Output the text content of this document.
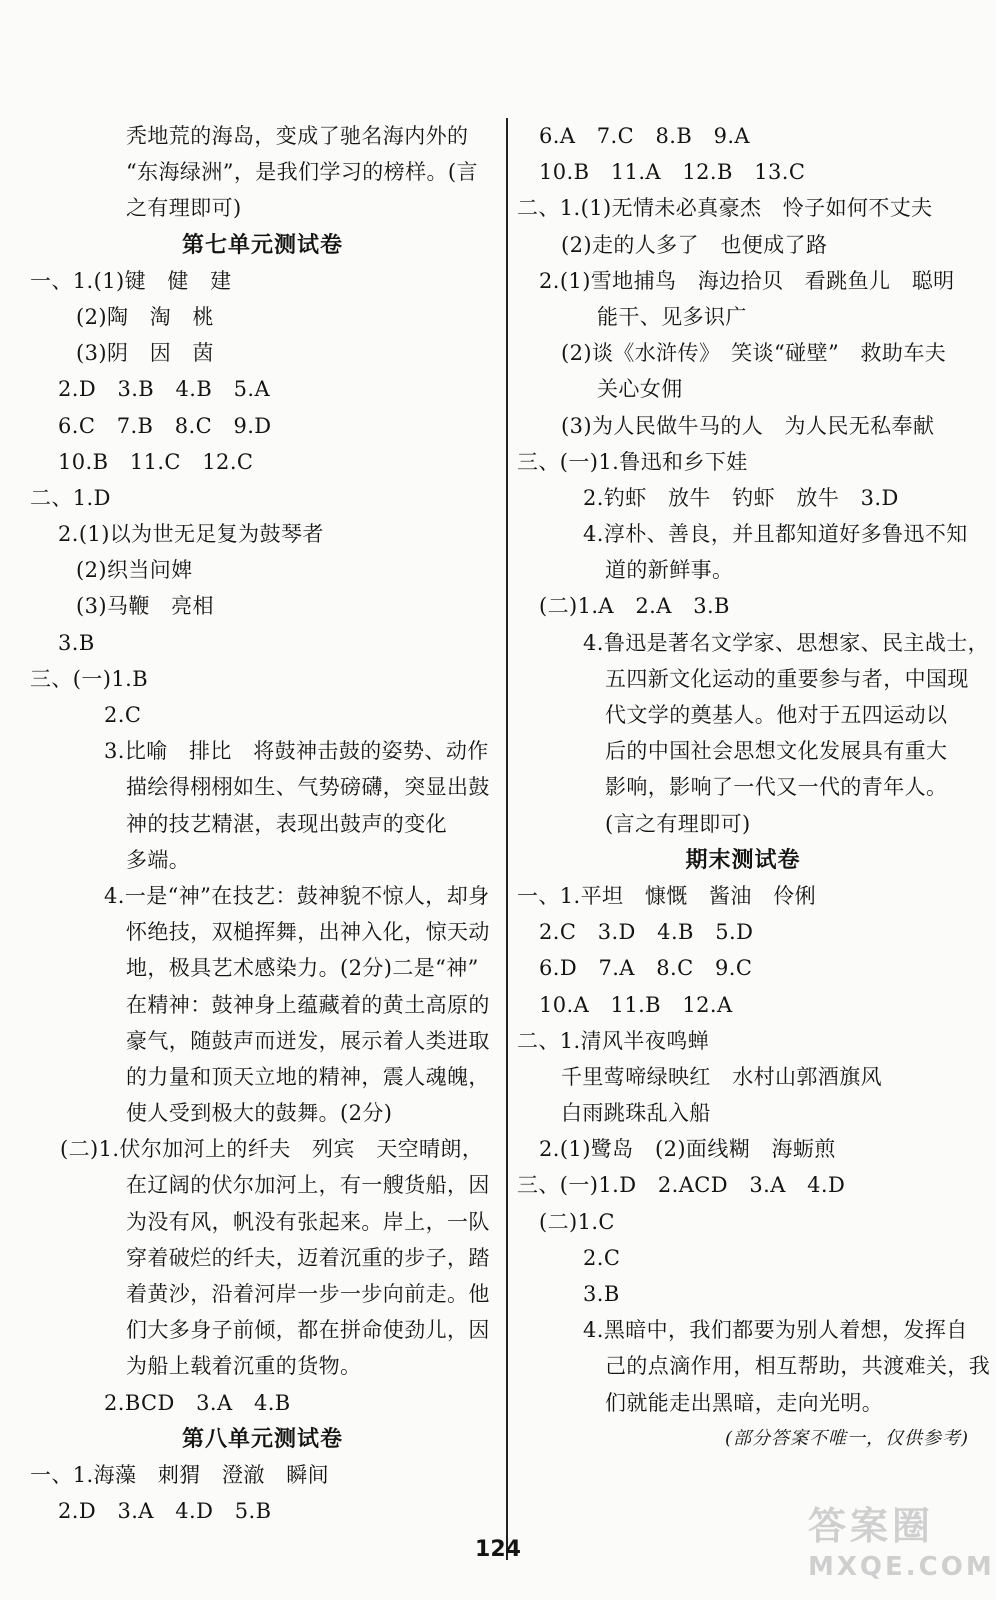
秃地荒的海岛，变成了驰名海内外的
“东海绿洲”，是我们学习的榜样。(言
之有理即可)
第七单元测试卷
一、1.(1)键　健　建
(2)陶　淘　桃
(3)阴　因　茵
2.D　3.B　4.B　5.A
6.C　7.B　8.C　9.D
10.B　11.C　12.C
二、1.D
2.(1)以为世无足复为鼓琴者
(2)织当问婢
(3)马鞭　亮相
3.B
三、(一)1.B
2.C
3.比喻　排比　将鼓神击鼓的姿势、动作
描绘得栩栩如生、气势磅礴，突显出鼓
神的技艺精湛，表现出鼓声的变化
多端。
4.一是“神”在技艺：鼓神貌不惊人，却身
怀绝技，双槌挥舞，出神入化，惊天动
地，极具艺术感染力。(2分)二是“神”
在精神：鼓神身上蕴藏着的黄土高原的
豪气，随鼓声而迸发，展示着人类进取
的力量和顶天立地的精神，震人魂魄，
使人受到极大的鼓舞。(2分)
(二)1.伏尔加河上的纤夫　列宾　天空晴朗，
在辽阔的伏尔加河上，有一艘货船，因
为没有风，帆没有张起来。岸上，一队
穿着破烂的纤夫，迈着沉重的步子，踏
着黄沙，沿着河岸一步一步向前走。他
们大多身子前倾，都在拼命使劲儿，因
为船上载着沉重的货物。
2.BCD　3.A　4.B
第八单元测试卷
一、1.海藻　刺猬　澄澈　瞬间
2.D　3.A　4.D　5.B
6.A　7.C　8.B　9.A
10.B　11.A　12.B　13.C
二、1.(1)无情未必真豪杰　怜子如何不丈夫
(2)走的人多了　也便成了路
2.(1)雪地捕鸟　海边拾贝　看跳鱼儿　聪明
能干、见多识广
(2)谈《水浒传》　笑谈“碰壁”　救助车夫
关心女佣
(3)为人民做牛马的人　为人民无私奉献
三、(一)1.鲁迅和乡下娃
2.钓虾　放牛　钓虾　放牛　3.D
4.淳朴、善良，并且都知道好多鲁迅不知
道的新鲜事。
(二)1.A　2.A　3.B
4.鲁迅是著名文学家、思想家、民主战士，
五四新文化运动的重要参与者，中国现
代文学的奠基人。他对于五四运动以
后的中国社会思想文化发展具有重大
影响，影响了一代又一代的青年人。
(言之有理即可)
期末测试卷
一、1.平坦　慷慨　酱油　伶俐
2.C　3.D　4.B　5.D
6.D　7.A　8.C　9.C
10.A　11.B　12.A
二、1.清风半夜鸣蝉
千里莺啼绿映红　水村山郭酒旗风
白雨跳珠乱入船
2.(1)鹭岛　(2)面线糊　海蛎煎
三、(一)1.D　2.ACD　3.A　4.D
(二)1.C
2.C
3.B
4.黑暗中，我们都要为别人着想，发挥自
己的点滴作用，相互帮助，共渡难关，我
们就能走出黑暗，走向光明。
(部分答案不唯一，仅供参考)
124
答案圈
MXQE.COM
